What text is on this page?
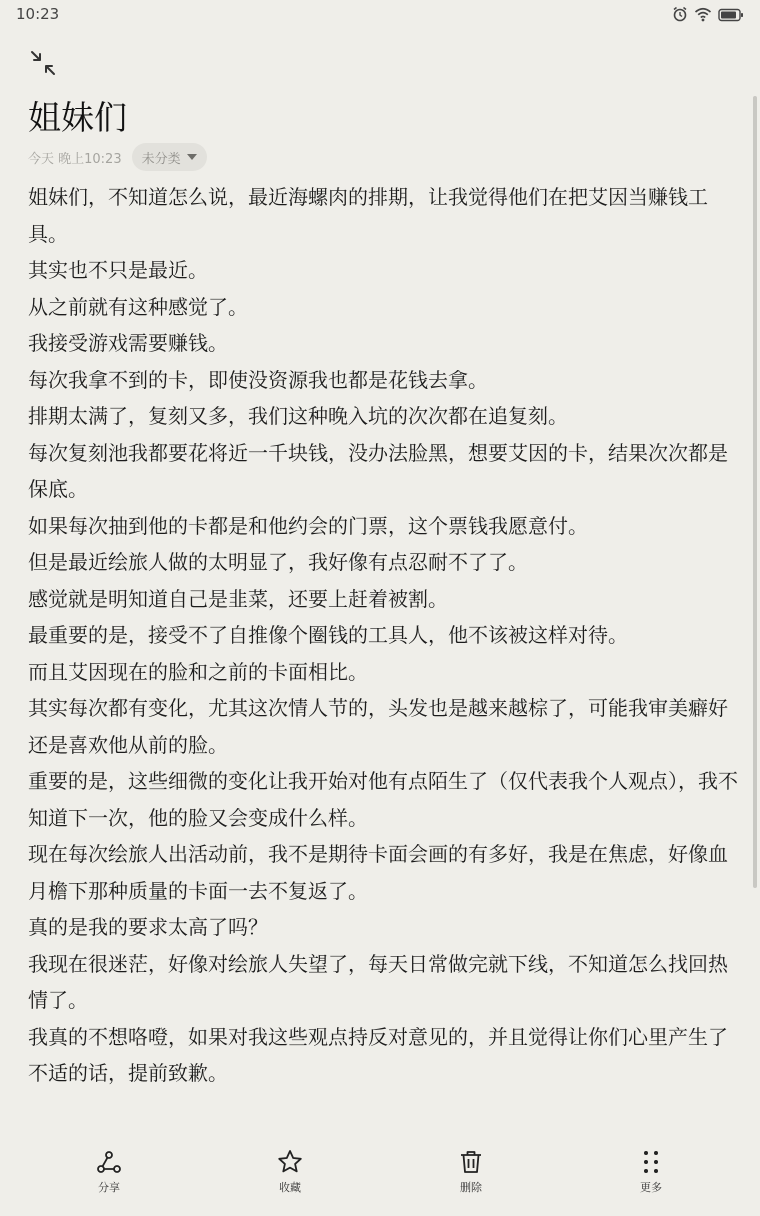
10:23
姐妹们
今天 晚上10:23 未分类

姐妹们，不知道怎么说，最近海螺肉的排期，让我觉得他们在把艾因当赚钱工具。

其实也不只是最近。

从之前就有这种感觉了。

我接受游戏需要赚钱。

每次我拿不到的卡，即使没资源我也都是花钱去拿。

排期太满了，复刻又多，我们这种晚入坑的次次都在追复刻。

每次复刻池我都要花将近一千块钱，没办法脸黑，想要艾因的卡，结果次次都是保底。

如果每次抽到他的卡都是和他约会的门票，这个票钱我愿意付。

但是最近绘旅人做的太明显了，我好像有点忍耐不了了。

感觉就是明知道自己是韭菜，还要上赶着被割。

最重要的是，接受不了自推像个圈钱的工具人，他不该被这样对待。

而且艾因现在的脸和之前的卡面相比。

其实每次都有变化，尤其这次情人节的，头发也是越来越棕了，可能我审美癖好还是喜欢他从前的脸。

重要的是，这些细微的变化让我开始对他有点陌生了（仅代表我个人观点），我不知道下一次，他的脸又会变成什么样。

现在每次绘旅人出活动前，我不是期待卡面会画的有多好，我是在焦虑，好像血月檐下那种质量的卡面一去不复返了。

真的是我的要求太高了吗？

我现在很迷茫，好像对绘旅人失望了，每天日常做完就下线，不知道怎么找回热情了。

我真的不想咯噔，如果对我这些观点持反对意见的，并且觉得让你们心里产生了不适的话，提前致歉。

分享	收藏	删除	更多
